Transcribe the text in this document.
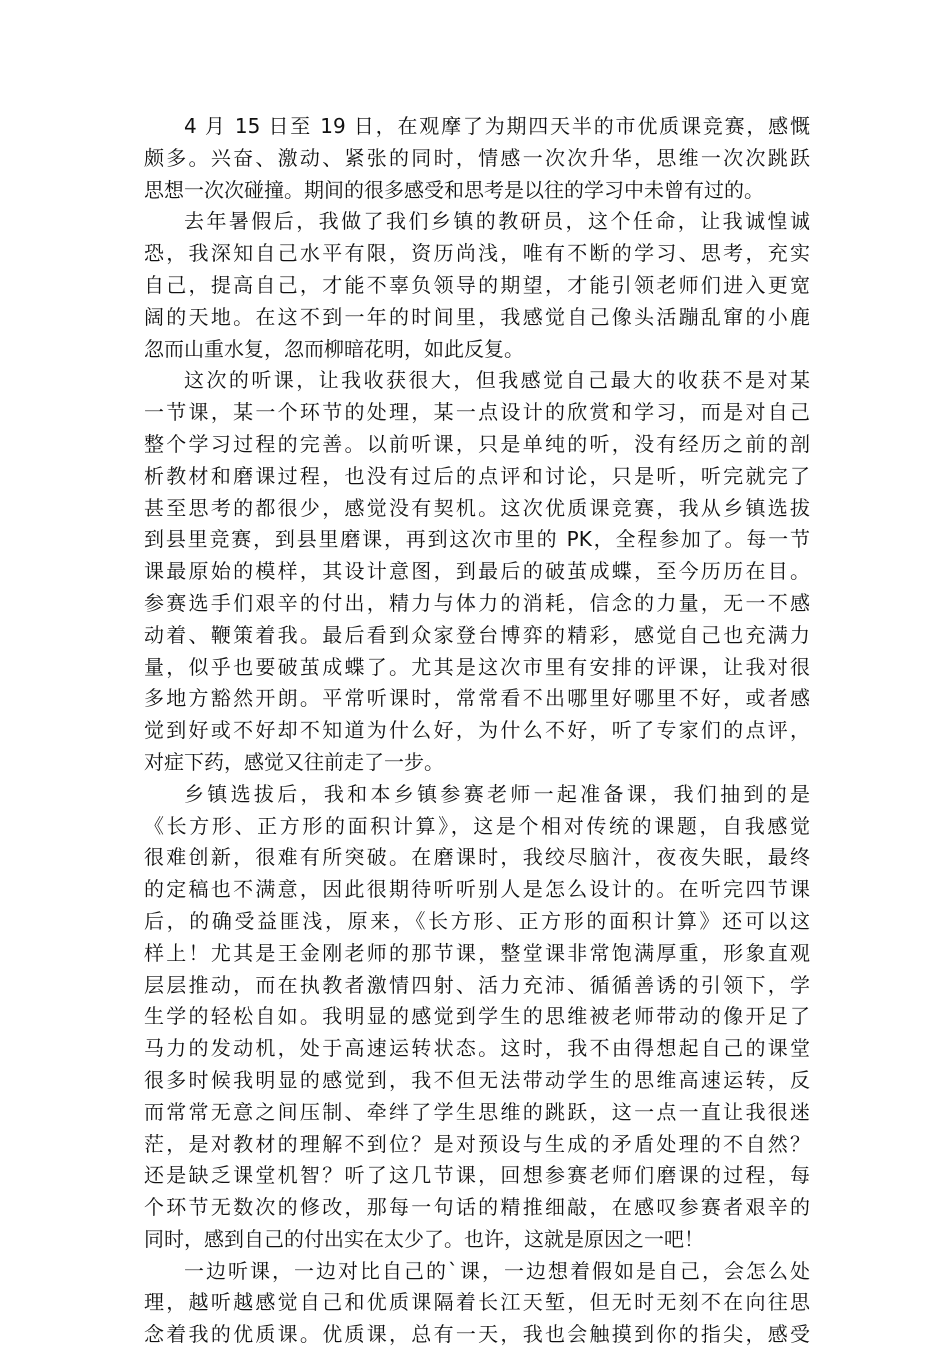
4 月 15 日至 19 日，在观摩了为期四天半的市优质课竞赛，感慨
颇多。兴奋、激动、紧张的同时，情感一次次升华，思维一次次跳跃
思想一次次碰撞。期间的很多感受和思考是以往的学习中未曾有过的。
去年暑假后，我做了我们乡镇的教研员，这个任命，让我诚惶诚
恐，我深知自己水平有限，资历尚浅，唯有不断的学习、思考，充实
自己，提高自己，才能不辜负领导的期望，才能引领老师们进入更宽
阔的天地。在这不到一年的时间里，我感觉自己像头活蹦乱窜的小鹿
忽而山重水复，忽而柳暗花明，如此反复。
这次的听课，让我收获很大，但我感觉自己最大的收获不是对某
一节课，某一个环节的处理，某一点设计的欣赏和学习，而是对自己
整个学习过程的完善。以前听课，只是单纯的听，没有经历之前的剖
析教材和磨课过程，也没有过后的点评和讨论，只是听，听完就完了
甚至思考的都很少，感觉没有契机。这次优质课竞赛，我从乡镇选拔
到县里竞赛，到县里磨课，再到这次市里的 PK，全程参加了。每一节
课最原始的模样，其设计意图，到最后的破茧成蝶，至今历历在目。
参赛选手们艰辛的付出，精力与体力的消耗，信念的力量，无一不感
动着、鞭策着我。最后看到众家登台博弈的精彩，感觉自己也充满力
量，似乎也要破茧成蝶了。尤其是这次市里有安排的评课，让我对很
多地方豁然开朗。平常听课时，常常看不出哪里好哪里不好，或者感
觉到好或不好却不知道为什么好，为什么不好，听了专家们的点评，
对症下药，感觉又往前走了一步。
乡镇选拔后，我和本乡镇参赛老师一起准备课，我们抽到的是
《长方形、正方形的面积计算》，这是个相对传统的课题，自我感觉
很难创新，很难有所突破。在磨课时，我绞尽脑汁，夜夜失眠，最终
的定稿也不满意，因此很期待听听别人是怎么设计的。在听完四节课
后，的确受益匪浅，原来，《长方形、正方形的面积计算》还可以这
样上！尤其是王金刚老师的那节课，整堂课非常饱满厚重，形象直观
层层推动，而在执教者激情四射、活力充沛、循循善诱的引领下，学
生学的轻松自如。我明显的感觉到学生的思维被老师带动的像开足了
马力的发动机，处于高速运转状态。这时，我不由得想起自己的课堂
很多时候我明显的感觉到，我不但无法带动学生的思维高速运转，反
而常常无意之间压制、牵绊了学生思维的跳跃，这一点一直让我很迷
茫，是对教材的理解不到位？是对预设与生成的矛盾处理的不自然？
还是缺乏课堂机智？听了这几节课，回想参赛老师们磨课的过程，每
个环节无数次的修改，那每一句话的精推细敲，在感叹参赛者艰辛的
同时，感到自己的付出实在太少了。也许，这就是原因之一吧！
一边听课，一边对比自己的`课，一边想着假如是自己，会怎么处
理，越听越感觉自己和优质课隔着长江天堑，但无时无刻不在向往思
念着我的优质课。优质课，总有一天，我也会触摸到你的指尖，感受
